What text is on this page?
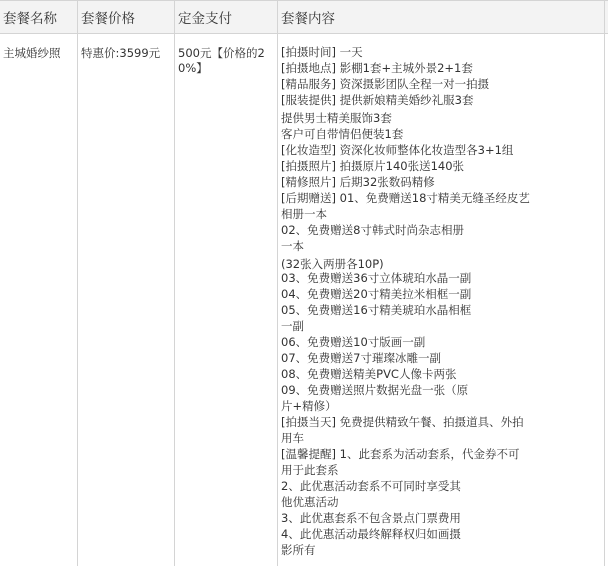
套餐名称 套餐价格	定金支付	套餐内容
主城婚纱照 特惠价:3599元 500元【价格的20%】
[拍摄时间] 一天
[拍摄地点] 影棚1套+主城外景2+1套
[精品服务] 资深摄影团队全程一对一拍摄
[服装提供] 提供新娘精美婚纱礼服3套
提供男士精美服饰3套
客户可自带情侣便装1套
[化妆造型] 资深化妆师整体化妆造型各3+1组
[拍摄照片] 拍摄原片140张送140张
[精修照片] 后期32张数码精修
[后期赠送] 01、免费赠送18寸精美无缝圣经皮艺
相册一本
02、免费赠送8寸韩式时尚杂志相册
一本
(32张入两册各10P)
03、免费赠送36寸立体琥珀水晶一副
04、免费赠送20寸精美拉米相框一副
05、免费赠送16寸精美琥珀水晶相框
一副
06、免费赠送10寸版画一副
07、免费赠送7寸璀璨冰雕一副
08、免费赠送精美PVC人像卡两张
09、免费赠送照片数据光盘一张（原
片+精修）
[拍摄当天] 免费提供精致午餐、拍摄道具、外拍
用车
[温馨提醒] 1、此套系为活动套系，代金券不可
用于此套系
2、此优惠活动套系不可同时享受其
他优惠活动
3、此优惠套系不包含景点门票费用
4、此优惠活动最终解释权归如画摄
影所有
